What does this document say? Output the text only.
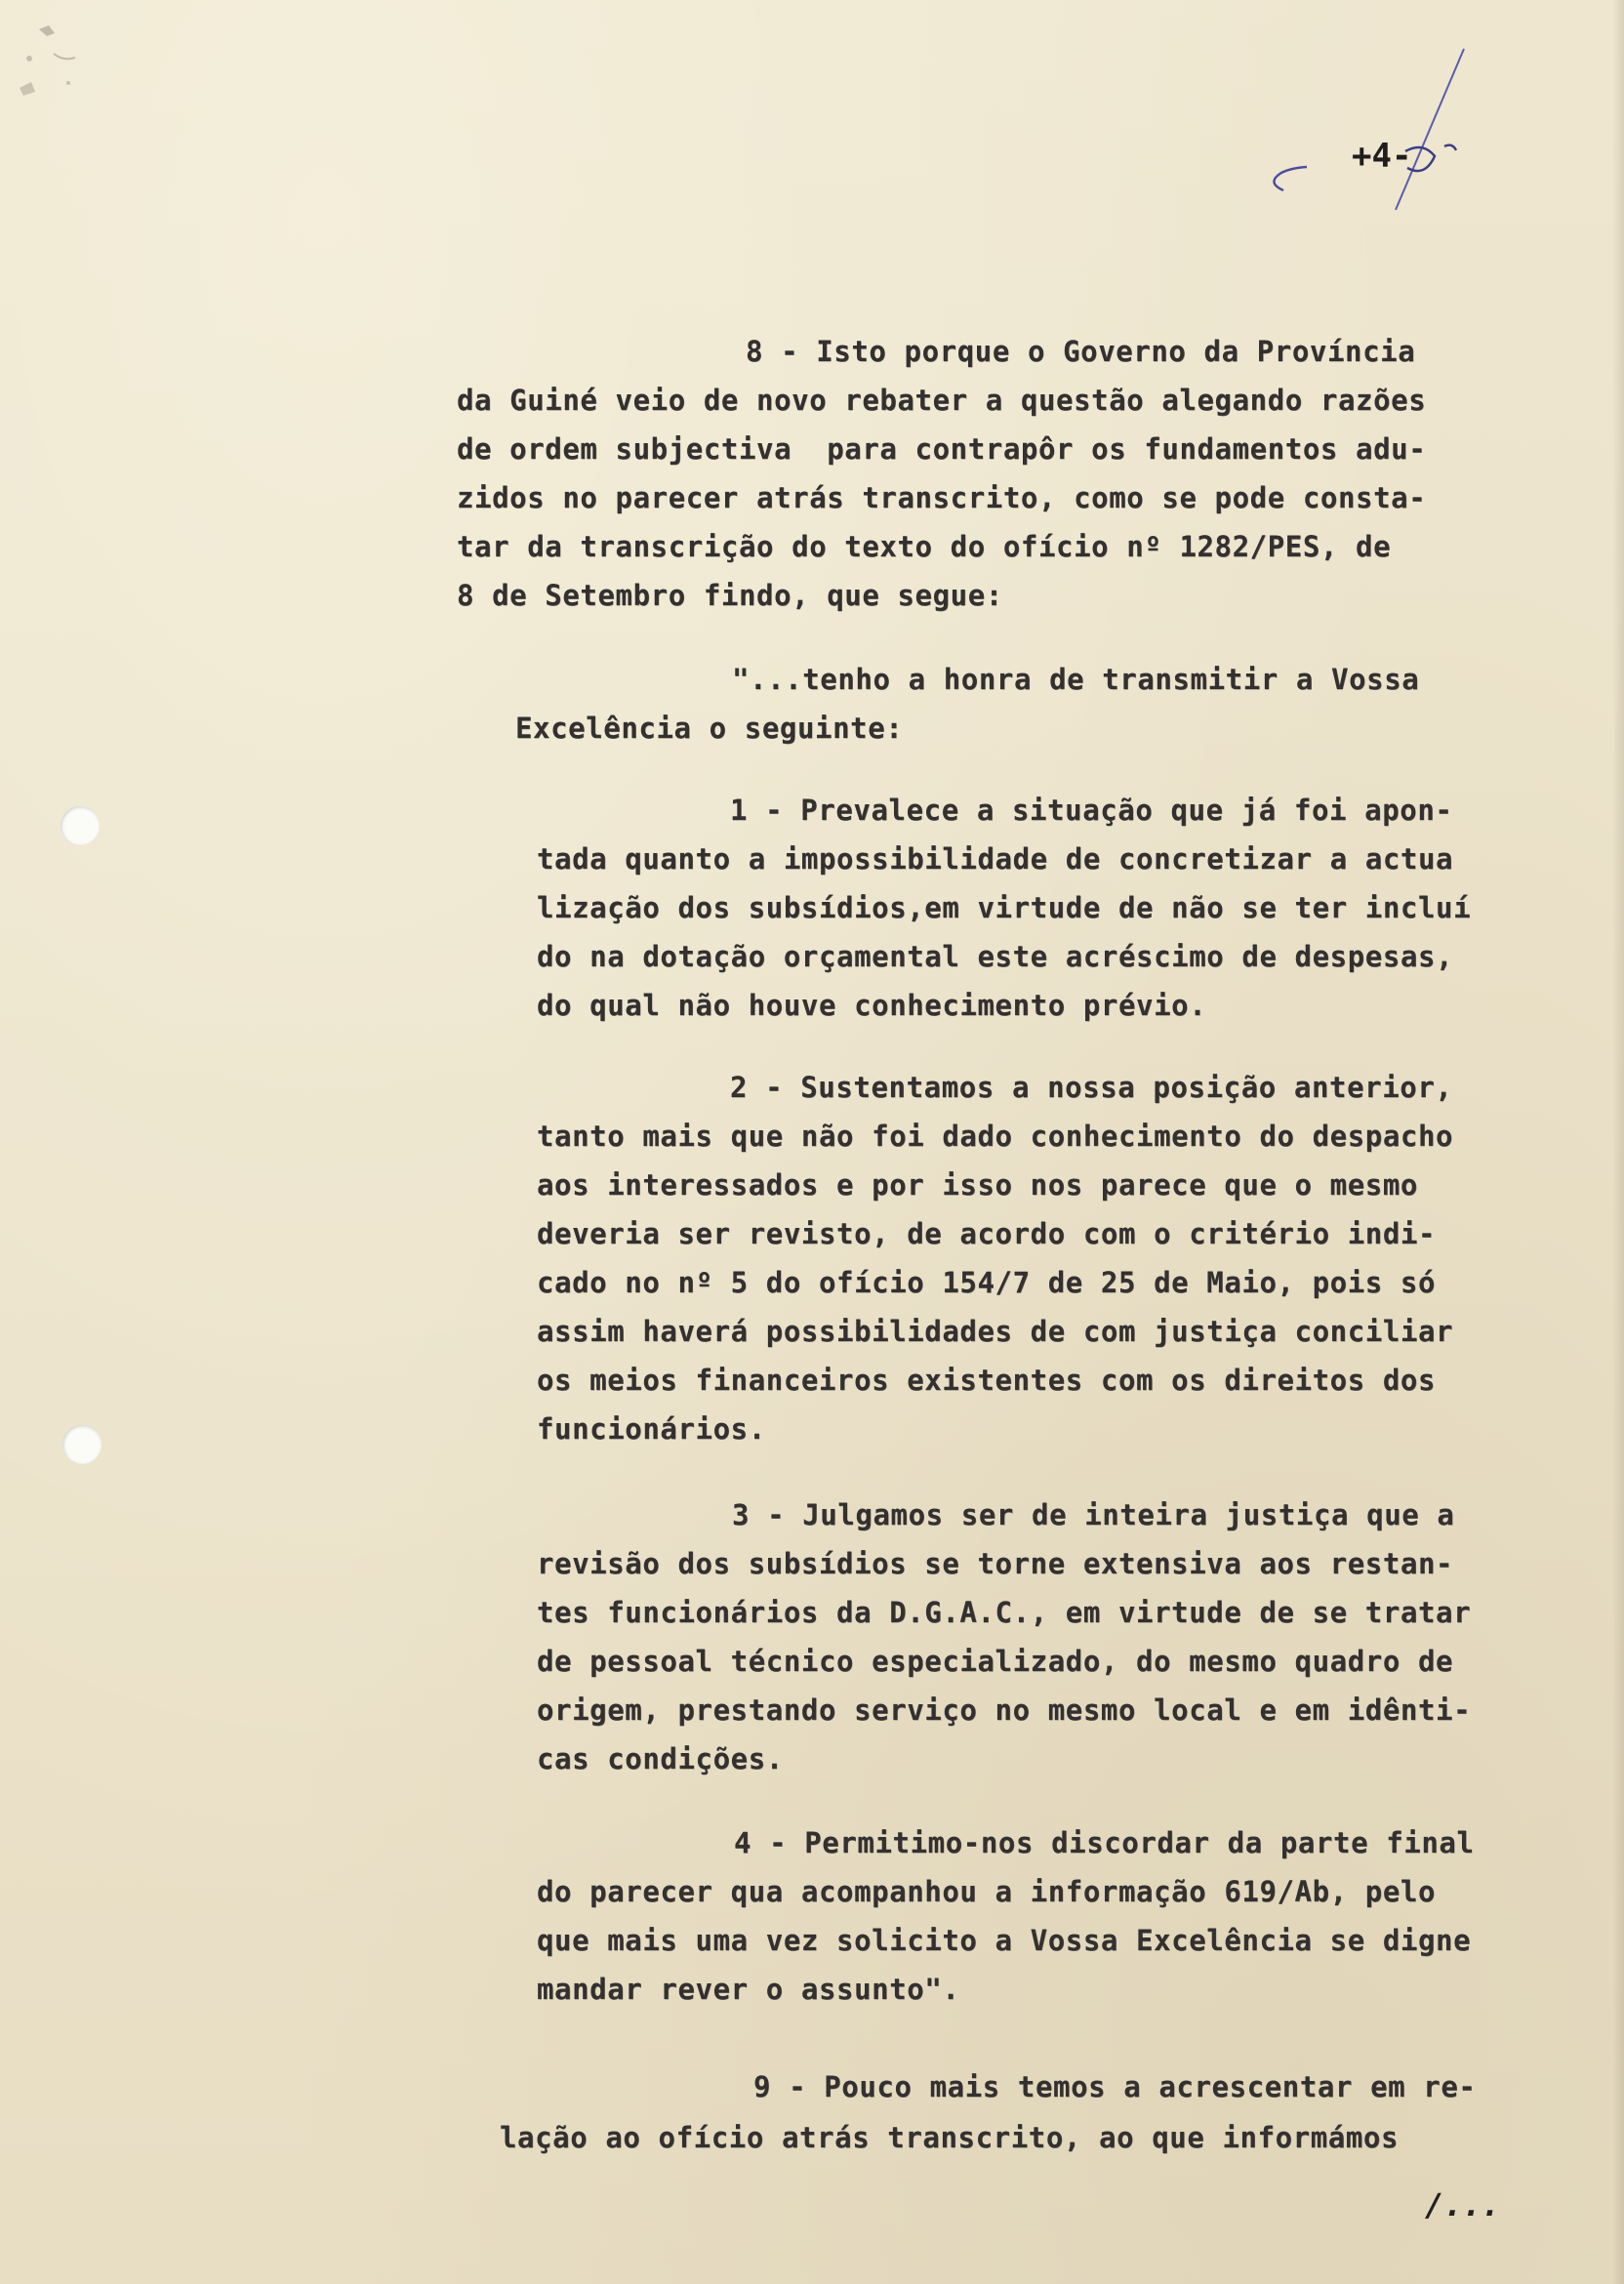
+4-
8 - Isto porque o Governo da Província
da Guiné veio de novo rebater a questão alegando razões
de ordem subjectiva  para contrapôr os fundamentos adu-
zidos no parecer atrás transcrito, como se pode consta-
tar da transcrição do texto do ofício nº 1282/PES, de
8 de Setembro findo, que segue:
"...tenho a honra de transmitir a Vossa
Excelência o seguinte:
1 - Prevalece a situação que já foi apon-
tada quanto a impossibilidade de concretizar a actua
lização dos subsídios,em virtude de não se ter incluí
do na dotação orçamental este acréscimo de despesas,
do qual não houve conhecimento prévio.
2 - Sustentamos a nossa posição anterior,
tanto mais que não foi dado conhecimento do despacho
aos interessados e por isso nos parece que o mesmo
deveria ser revisto, de acordo com o critério indi-
cado no nº 5 do ofício 154/7 de 25 de Maio, pois só
assim haverá possibilidades de com justiça conciliar
os meios financeiros existentes com os direitos dos
funcionários.
3 - Julgamos ser de inteira justiça que a
revisão dos subsídios se torne extensiva aos restan-
tes funcionários da D.G.A.C., em virtude de se tratar
de pessoal técnico especializado, do mesmo quadro de
origem, prestando serviço no mesmo local e em idênti-
cas condições.
4 - Permitimo-nos discordar da parte final
do parecer qua acompanhou a informação 619/Ab, pelo
que mais uma vez solicito a Vossa Excelência se digne
mandar rever o assunto".
9 - Pouco mais temos a acrescentar em re-
lação ao ofício atrás transcrito, ao que informámos
/...
